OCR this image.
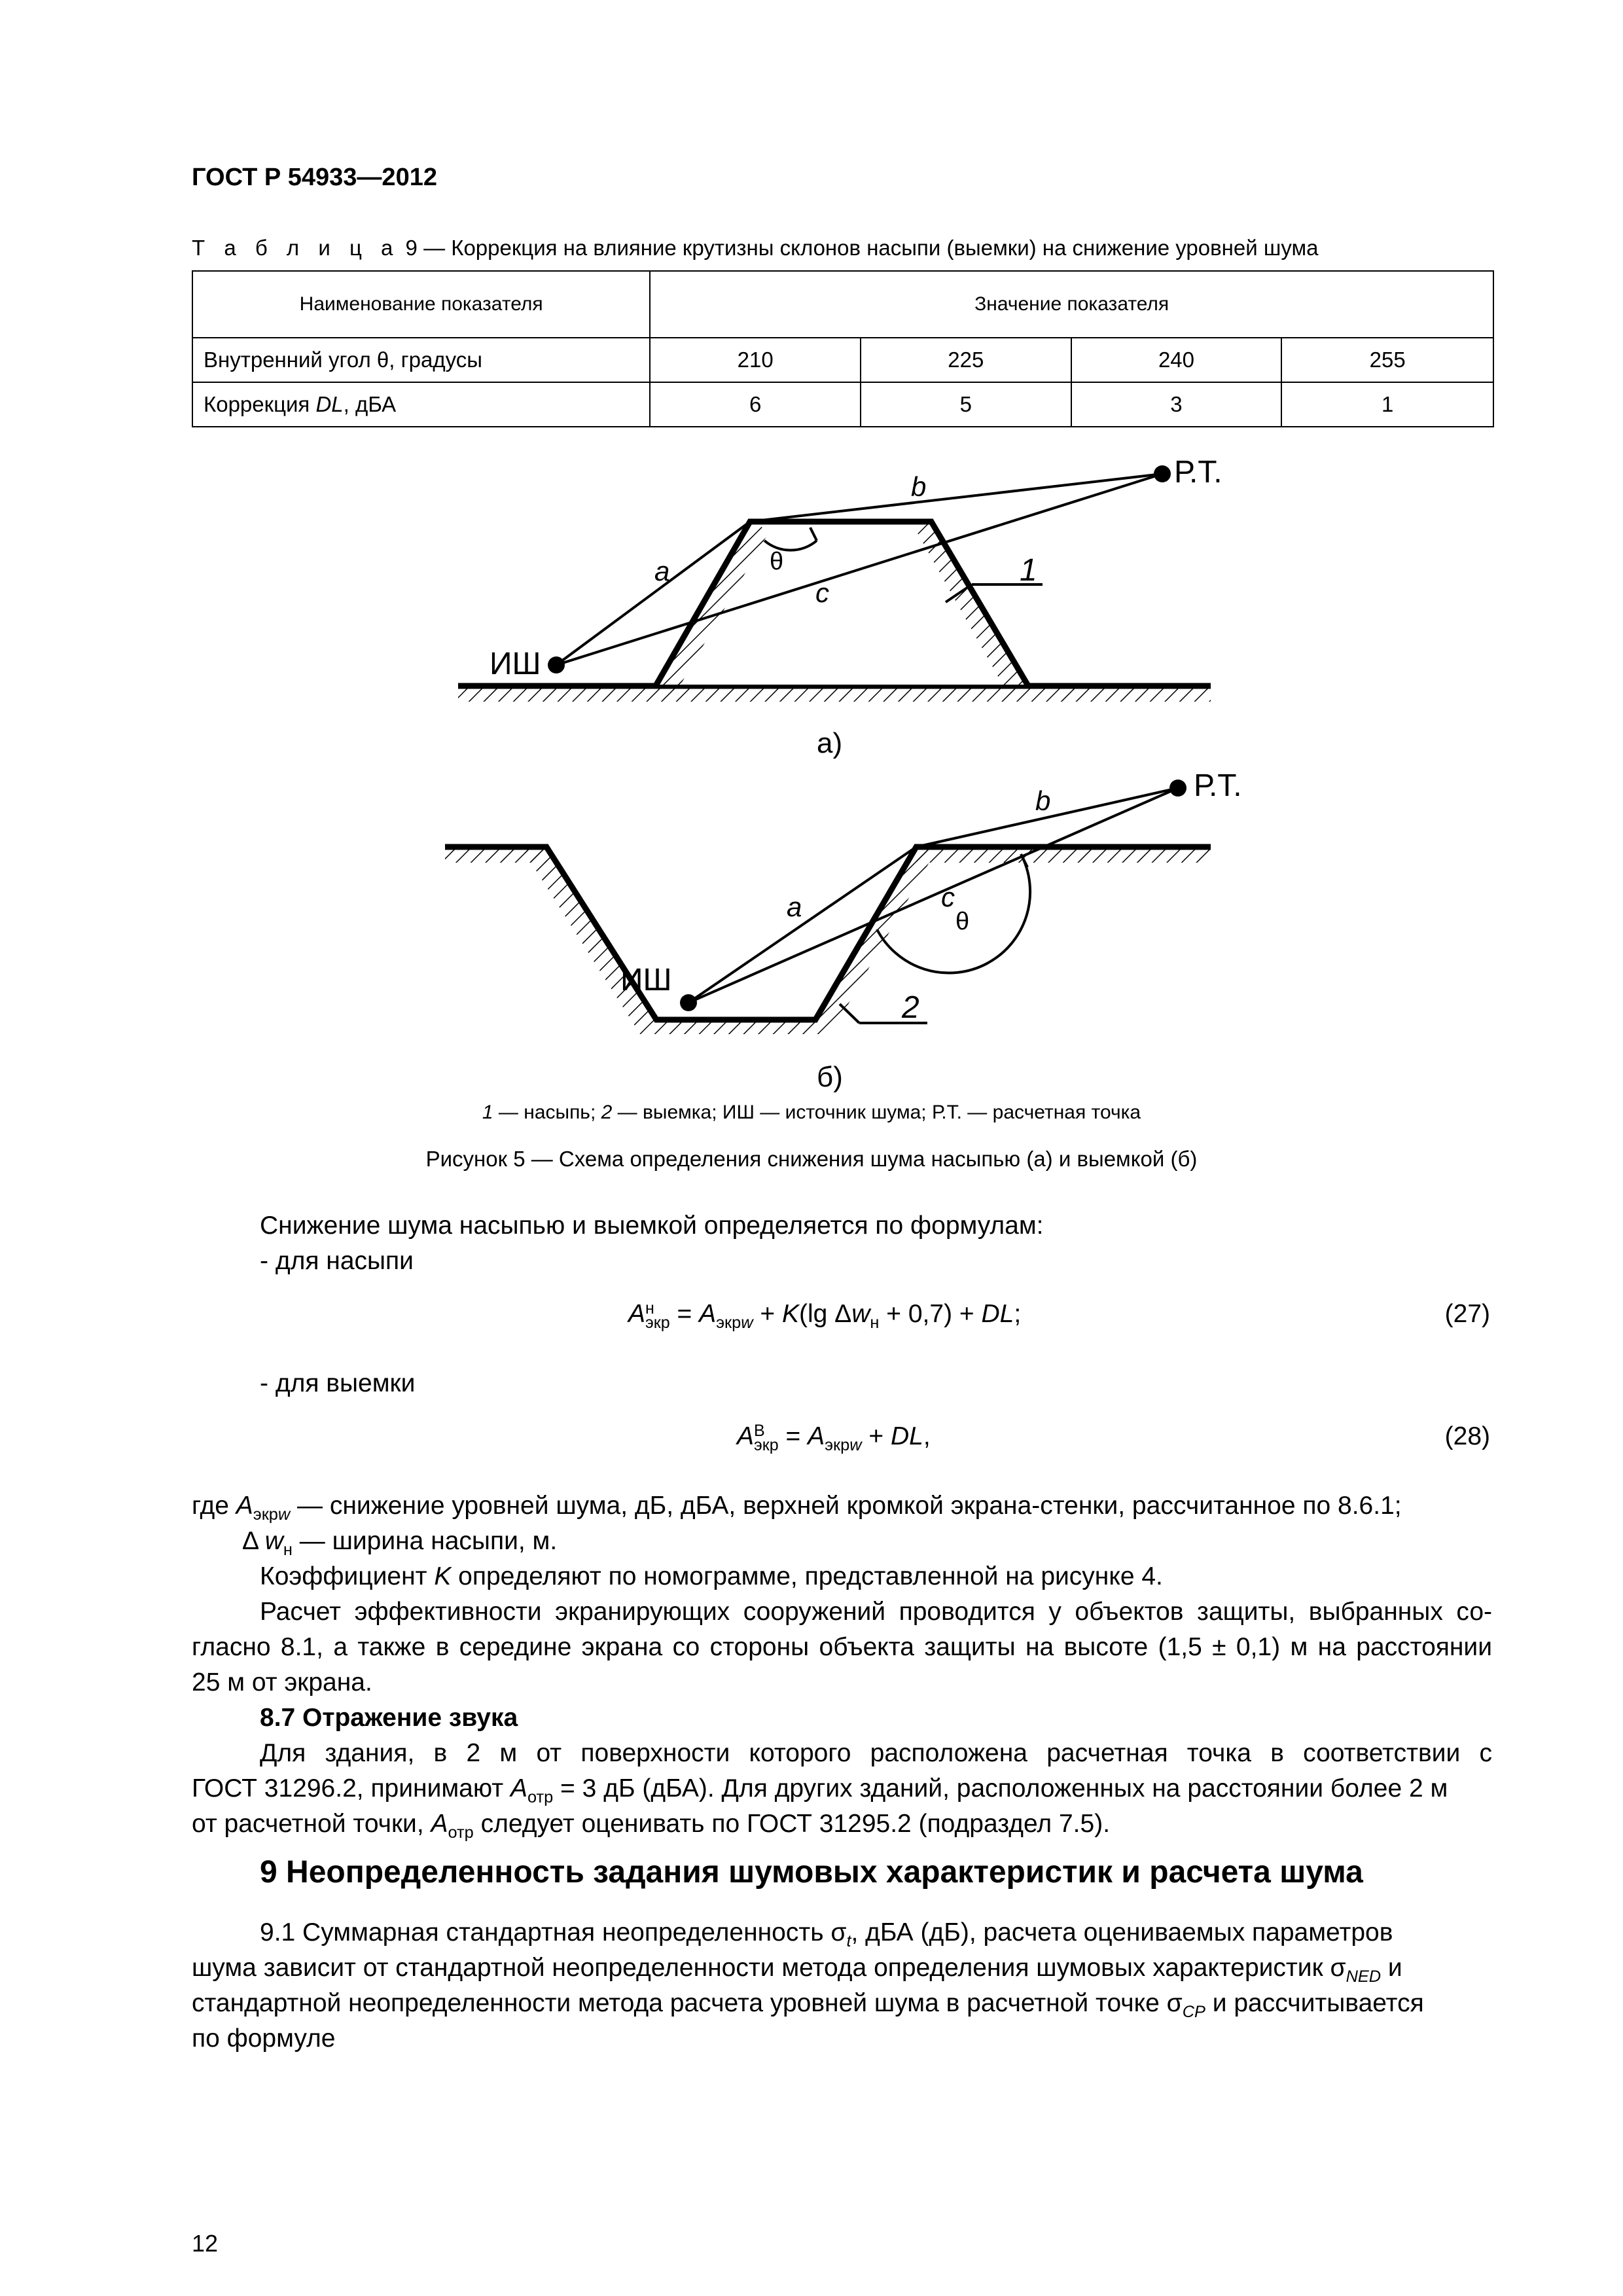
ГОСТ Р 54933—2012
Т а б л и ц а 9 — Коррекция на влияние крутизны склонов насыпи (выемки) на снижение уровней шума
Наименование показателя	Значение показателя			
Внутренний угол θ, градусы	210	225	240	255
Коррекция DL, дБА	6	5	3	1
ИШ
Р.Т.
b
a
c
θ	1
а)
ИШ
Р.Т.
b
a	c
θ
2
б)
1 — насыпь; 2 — выемка; ИШ — источник шума; Р.Т. — расчетная точка
Рисунок 5 — Схема определения снижения шума насыпью (а) и выемкой (б)
Снижение шума насыпью и выемкой определяется по формулам:
- для насыпи
A н
экр = $A_{экрw} + K(\lg$ $\Delta w_н + 0,7$) + DL;	(27)
- для выемки
A В
экр = $A_{экрw}$ + DL,	(28)
где $A_{экрw}$ — снижение уровней шума, дБ, дБА, верхней кромкой экрана-стенки, рассчитанное по 8.6.1;
Δ $w_н$ — ширина насыпи, м.
Коэффициент K определяют по номограмме, представленной на рисунке 4.
Расчет эффективности экранирующих сооружений проводится у объектов защиты, выбранных со-
гласно 8.1, а также в середине экрана со стороны объекта защиты на высоте (1,5 ± 0,1) м на расстоянии
25 м от экрана.
8.7 Отражение звука
Для здания, в 2 м от поверхности которого расположена расчетная точка в соответствии с
ГОСТ 31296.2, принимают $A_{отр} = 3$ дБ (дБА). Для других зданий, расположенных на расстоянии более 2 м
от расчетной точки, $A_{отр}$ следует оценивать по ГОСТ 31295.2 (подраздел 7.5).
9 Неопределенность задания шумовых характеристик и расчета шума
9.1 Суммарная стандартная неопределенность $\sigma_t$, дБА (дБ), расчета оцениваемых параметров
шума зависит от стандартной неопределенности метода определения шумовых характеристик $\sigma_{NED}$ и
стандартной неопределенности метода расчета уровней шума в расчетной точке $\sigma_{CP}$ и рассчитывается
по формуле
12
